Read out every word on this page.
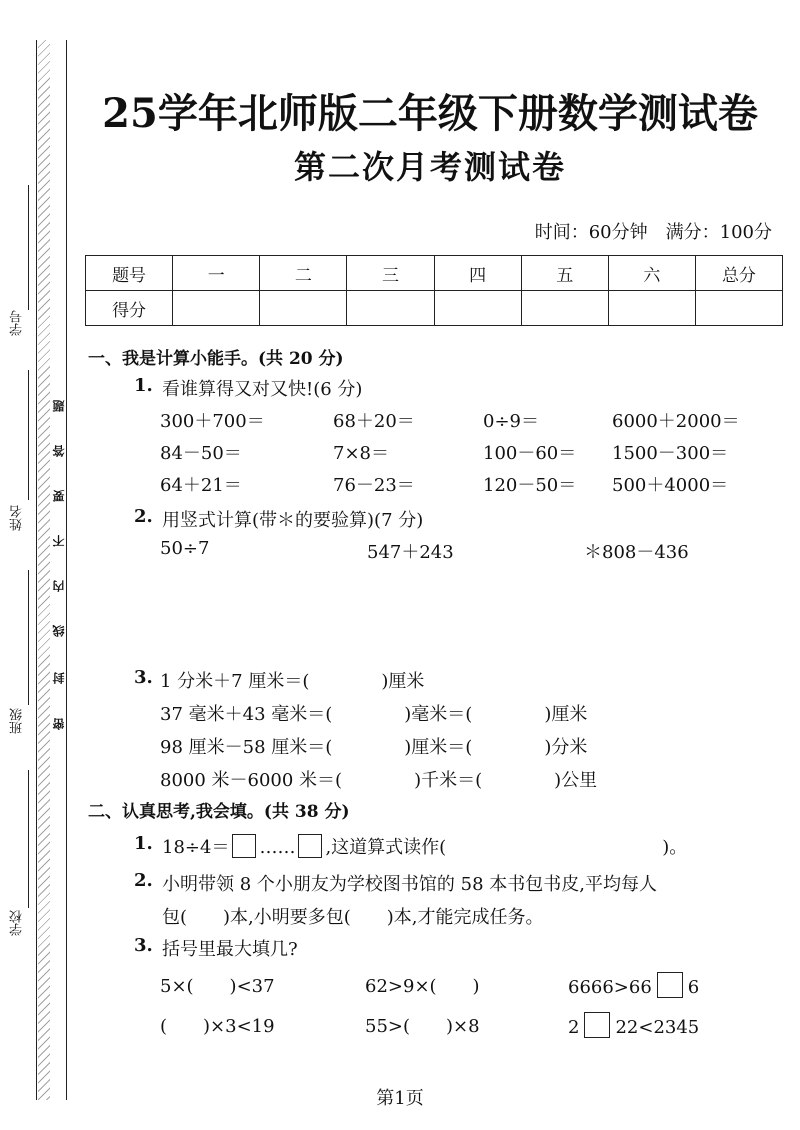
学号
姓名
班级
学校
题
答
要
不
内
线
封
密
25学年北师版二年级下册数学测试卷
第二次月考测试卷
时间：60分钟　满分：100分
题号	一	二	三	四	五	六	总分
得分							
一、我是计算小能手。(共 20 分)
1. 看谁算得又对又快!(6 分)
300＋700＝	68＋20＝	0÷9＝	6000＋2000＝
84－50＝	7×8＝	100－60＝ 1500－300＝
64＋21＝	76－23＝	120－50＝ 500＋4000＝
2. 用竖式计算(带＊的要验算)(7 分)
50÷7	547＋243	＊808－436
3. 1 分米＋7 厘米＝(　　　　)厘米
37 毫米＋43 毫米＝(　　　　)毫米＝(　　　　)厘米
98 厘米－58 厘米＝(　　　　)厘米＝(　　　　)分米
8000 米－6000 米＝(　　　　)千米＝(　　　　)公里
二、认真思考,我会填。(共 38 分)
1. 18÷4＝ …… ,这道算式读作(　　　　　　　　　　　　)。
2. 小明带领 8 个小朋友为学校图书馆的 58 本书包书皮,平均每人
包(　　)本,小明要多包(　　)本,才能完成任务。
3. 括号里最大填几?
5×(　　)<37	62>9×(　　)	6666>66 6
(　　)×3<19	55>(　　)×8	2 22<2345
第1页
